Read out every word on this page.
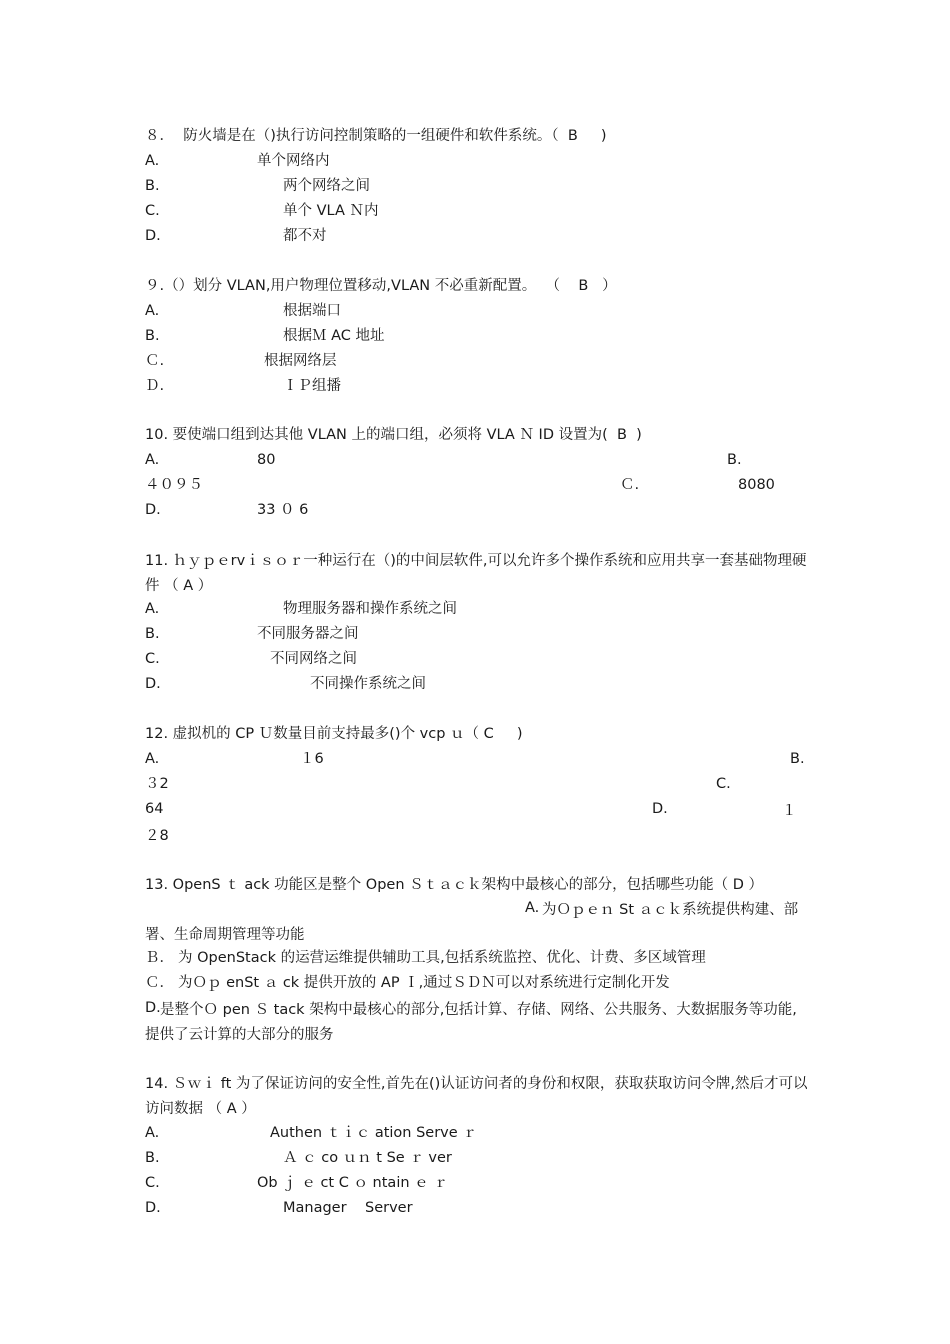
８．  防火墙是在（)执行访问控制策略的一组硬件和软件系统。（  B     )
A.	单个网络内
B.	两个网络之间
C.	单个 VLA Ｎ内
D.	都不对
９.（）划分 VLAN,用户物理位置移动,VLAN 不必重新配置。  （    B   ）
A.	根据端口
B.	根据Ｍ AC 地址
Ｃ.	根据网络层
Ｄ.	ＩＰ组播
10. 要使端口组到达其他 VLAN 上的端口组，必须将 VLA Ｎ ID 设置为(  B  )
A.	80	B.
４０９５	Ｃ.	8080
D.	33 ０ 6
11. ｈｙｐｅrvｉｓｏｒ一种运行在（)的中间层软件,可以允许多个操作系统和应用共享一套基础物理硬件 （ A ）
A.	物理服务器和操作系统之间
B.	不同服务器之间
C.	不同网络之间
D.	不同操作系统之间
12. 虚拟机的 CP Ｕ数量目前支持最多()个 vcp ｕ（ C     )
A.	１6	B.
３2	C.
64	D.	１２8
13. OpenS ｔ ack 功能区是整个 Open Ｓｔａｃｋ架构中最核心的部分，包括哪些功能（ D ）
A. 为Ｏｐｅｎ St ａｃｋ系统提供构建、部署、生命周期管理等功能
Ｂ． 为 OpenStack 的运营运维提供辅助工具,包括系统监控、优化、计费、多区域管理
Ｃ． 为Ｏｐ enSt ａ ck 提供开放的 AP Ｉ,通过ＳＤＮ可以对系统进行定制化开发
D. 是整个Ｏ pen Ｓ tack 架构中最核心的部分,包括计算、存储、网络、公共服务、大数据服务等功能,提供了云计算的大部分的服务
14. Ｓｗｉ ft 为了保证访问的安全性,首先在()认证访问者的身份和权限，获取获取访问令牌,然后才可以访问数据 （ A ）
A.	Authen ｔｉｃ ation Serve ｒ
B.	Ａ ｃ co ｕｎ t Se ｒ ver
C.	Ob ｊ ｅ ct C ｏ ntain ｅ ｒ
D.	Manager    Server
